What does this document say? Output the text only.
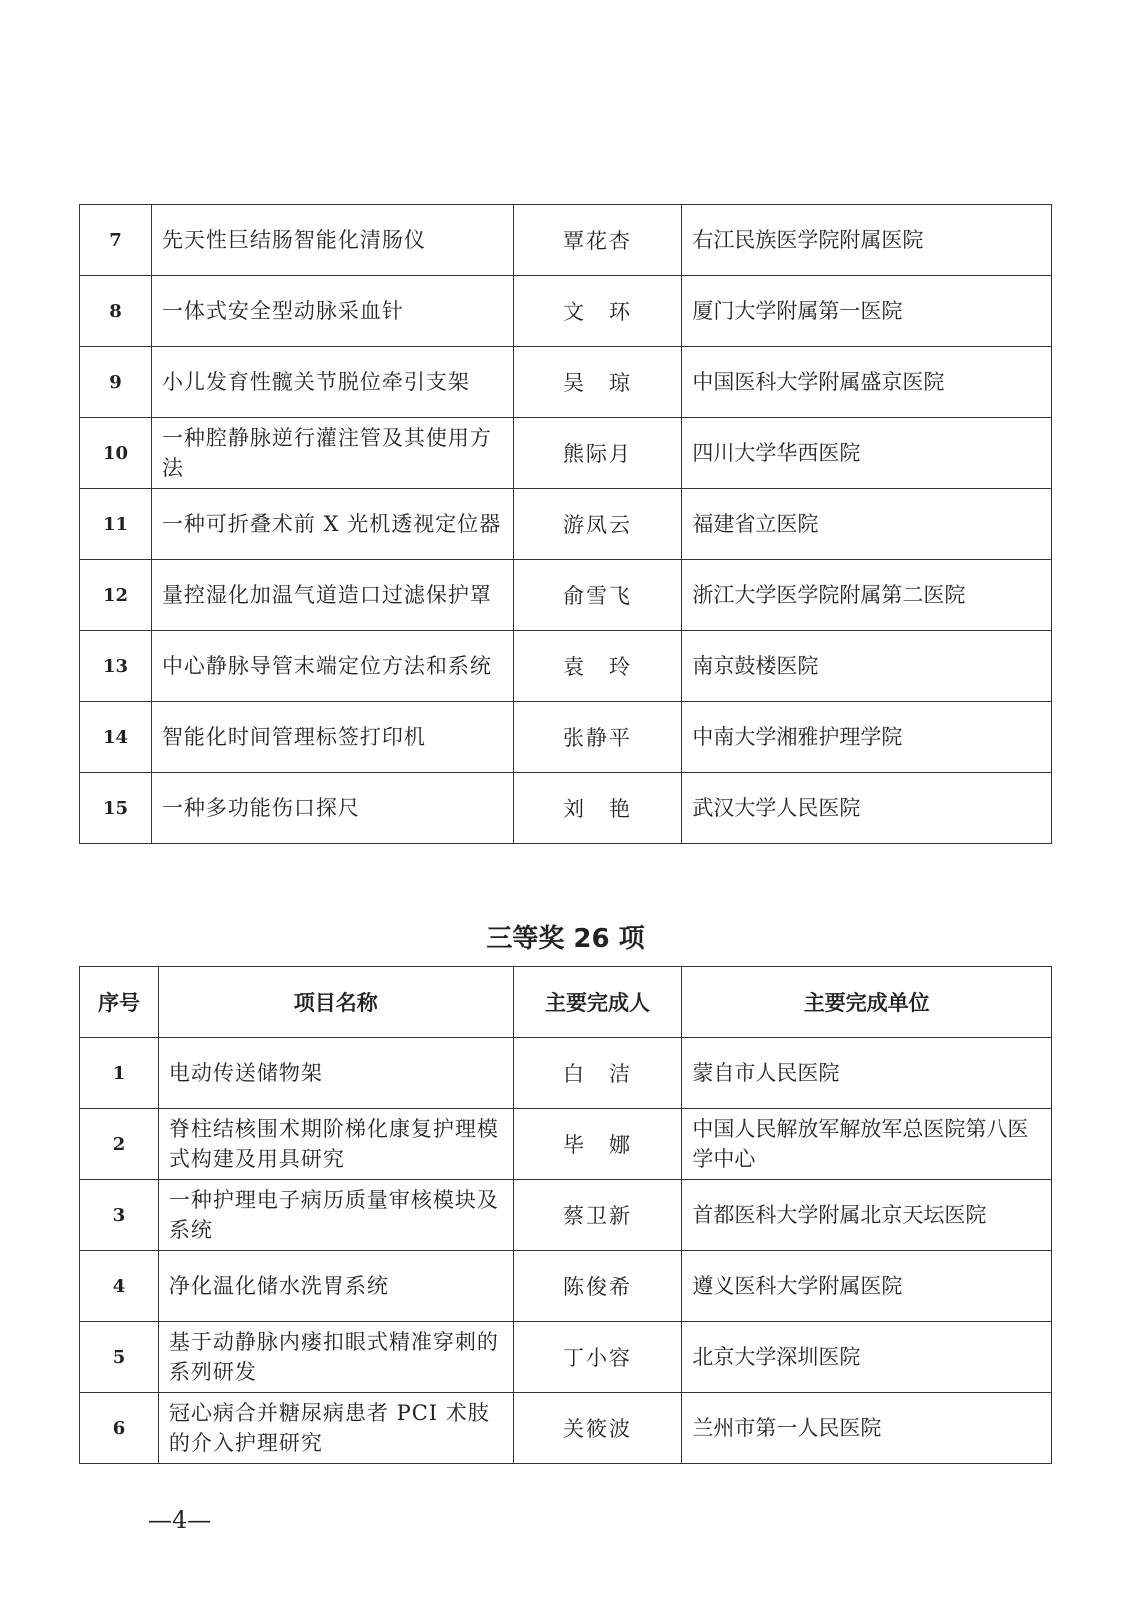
7	先天性巨结肠智能化清肠仪	覃花杏	右江民族医学院附属医院
8	一体式安全型动脉采血针	文　环	厦门大学附属第一医院
9	小儿发育性髋关节脱位牵引支架	吴　琼	中国医科大学附属盛京医院
10	一种腔静脉逆行灌注管及其使用方法	熊际月	四川大学华西医院
11	一种可折叠术前 X 光机透视定位器	游凤云	福建省立医院
12	量控湿化加温气道造口过滤保护罩	俞雪飞	浙江大学医学院附属第二医院
13	中心静脉导管末端定位方法和系统	袁　玲	南京鼓楼医院
14	智能化时间管理标签打印机	张静平	中南大学湘雅护理学院
15	一种多功能伤口探尺	刘　艳	武汉大学人民医院
三等奖 26 项
序号	项目名称	主要完成人	主要完成单位
1	电动传送储物架	白　洁	蒙自市人民医院
2	脊柱结核围术期阶梯化康复护理模式构建及用具研究	毕　娜	中国人民解放军解放军总医院第八医学中心
3	一种护理电子病历质量审核模块及系统	蔡卫新	首都医科大学附属北京天坛医院
4	净化温化储水洗胃系统	陈俊希	遵义医科大学附属医院
5	基于动静脉内瘘扣眼式精准穿刺的系列研发	丁小容	北京大学深圳医院
6	冠心病合并糖尿病患者 PCI 术肢的介入护理研究	关筱波	兰州市第一人民医院
—4—
